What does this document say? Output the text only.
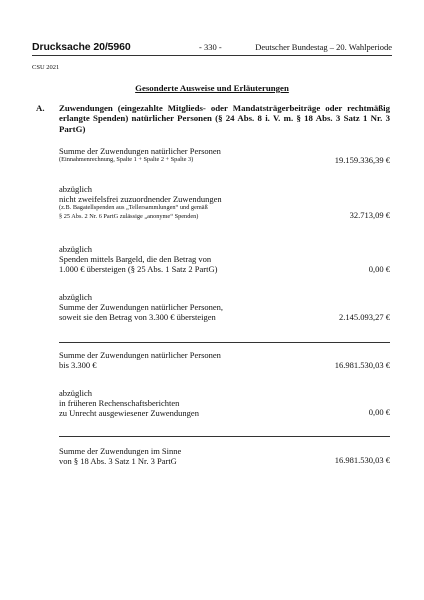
Drucksache 20/5960	- 330 -	Deutscher Bundestag – 20. Wahlperiode
CSU 2021
Gesonderte Ausweise und Erläuterungen
A. Zuwendungen (eingezahlte Mitglieds- oder Mandatsträgerbeiträge oder rechtmäßig erlangte Spenden) natürlicher Personen (§ 24 Abs. 8 i. V. m. § 18 Abs. 3 Satz 1 Nr. 3 PartG)
Summe der Zuwendungen natürlicher Personen
(Einnahmenrechnung, Spalte 1 + Spalte 2 + Spalte 3)	19.159.336,39 €
abzüglich
nicht zweifelsfrei zuzuordnender Zuwendungen
(z.B. Bagatellspenden aus „Tellersammlungen“ und gemäß
§ 25 Abs. 2 Nr. 6 PartG zulässige „anonyme“ Spenden)	32.713,09 €
abzüglich
Spenden mittels Bargeld, die den Betrag von
1.000 € übersteigen (§ 25 Abs. 1 Satz 2 PartG)	0,00 €
abzüglich
Summe der Zuwendungen natürlicher Personen,
soweit sie den Betrag von 3.300 € übersteigen	2.145.093,27 €
Summe der Zuwendungen natürlicher Personen
bis 3.300 €	16.981.530,03 €
abzüglich
in früheren Rechenschaftsberichten
zu Unrecht ausgewiesener Zuwendungen	0,00 €
Summe der Zuwendungen im Sinne
von § 18 Abs. 3 Satz 1 Nr. 3 PartG	16.981.530,03 €
